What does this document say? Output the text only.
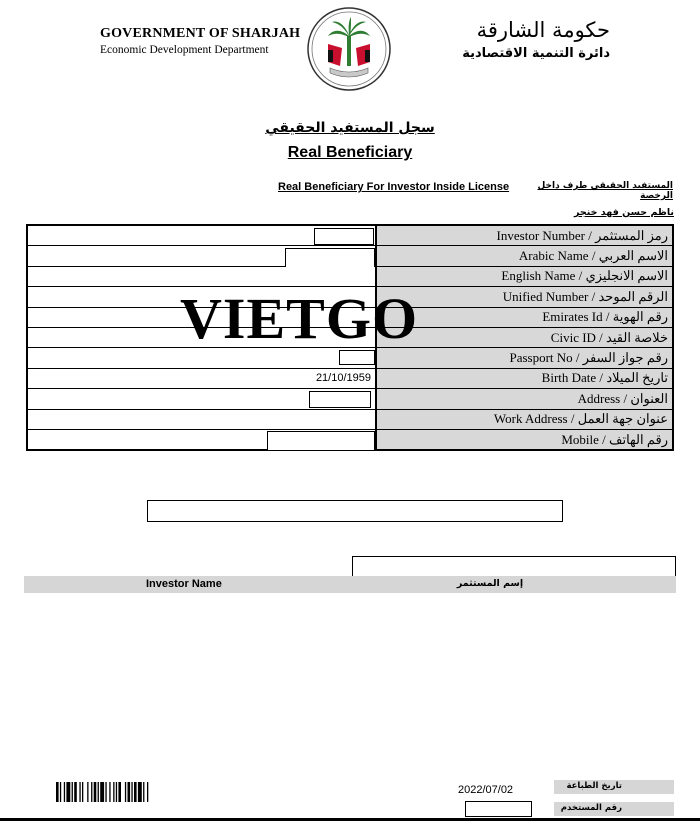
GOVERNMENT OF SHARJAH
Economic Development Department
حكومة الشارقة
دائرة التنمية الاقتصادية
سجل المستفيد الحقيقي
Real Beneficiary
Real Beneficiary For Investor Inside License	المستفيد الحقيقي طرف داخل الرخصة
ناظم حسن فهد خنجر
	Investor Number / رمز المستثمر

	Arabic Name / الاسم العربي
	English Name / الاسم الانجليزي
	Unified Number / الرقم الموحد
	Emirates Id / رقم الهوية
	Civic ID / خلاصة القيد

	Passport No / رقم جواز السفر
21/10/1959	Birth Date / تاريخ الميلاد

	Address / العنوان
	Work Address / عنوان جهة العمل

	Mobile / رقم الهاتف
VIETGO
Investor Name	إسم المستثمر
2022/07/02	تاريخ الطباعة
رقم المستخدم
